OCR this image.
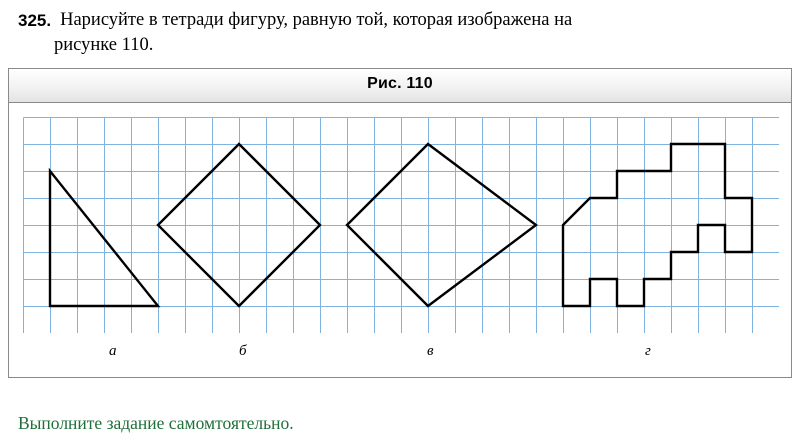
325. Нарисуйте в тетради фигуру, равную той, которая изображена на
рисунке 110.
Рис. 110
а	б	в	г
Выполните задание самомтоятельно.
